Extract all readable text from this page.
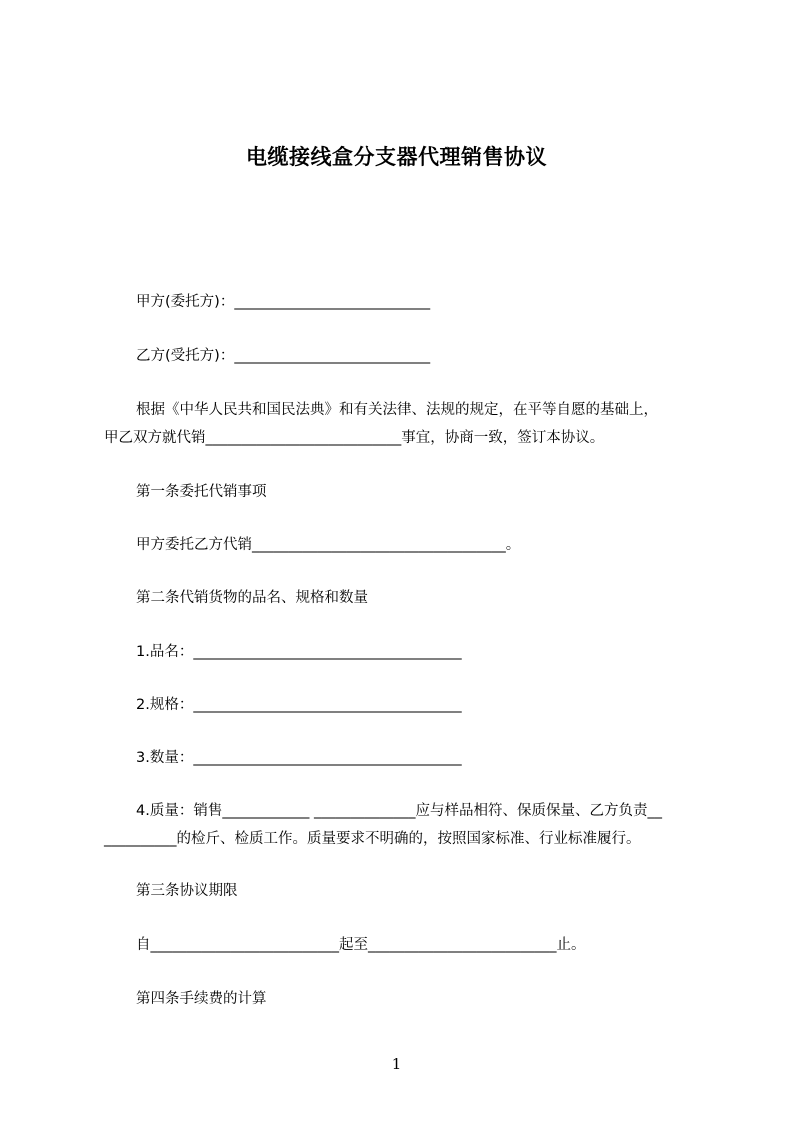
电缆接线盒分支器代理销售协议
甲方(委托方)：___________________________
乙方(受托方)：___________________________
根据《中华人民共和国民法典》和有关法律、法规的规定，在平等自愿的基础上，
甲乙双方就代销___________________________事宜，协商一致，签订本协议。
第一条委托代销事项
甲方委托乙方代销___________________________________。
第二条代销货物的品名、规格和数量
1.品名：_____________________________________
2.规格：_____________________________________
3.数量：_____________________________________
4.质量：销售____________ ______________应与样品相符、保质保量、乙方负责__
__________的检斤、检质工作。质量要求不明确的，按照国家标准、行业标准履行。
第三条协议期限
自__________________________起至__________________________止。
第四条手续费的计算
1
